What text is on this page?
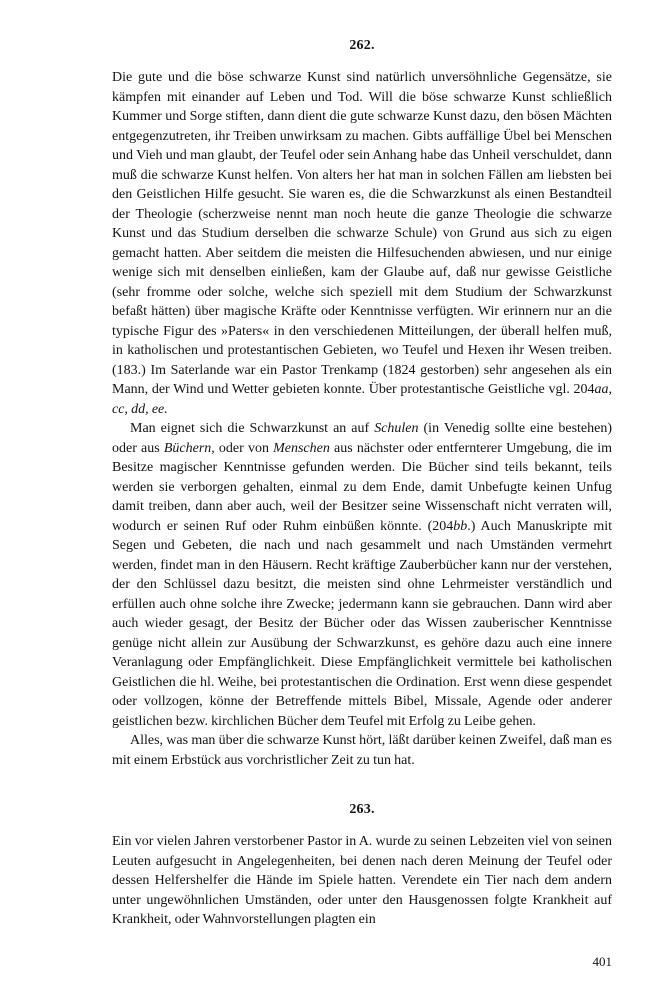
262.

Die gute und die böse schwarze Kunst sind natürlich unversöhnliche Gegensätze, sie kämpfen mit einander auf Leben und Tod. Will die böse schwarze Kunst schließlich Kummer und Sorge stiften, dann dient die gute schwarze Kunst dazu, den bösen Mächten entgegenzutreten, ihr Treiben unwirksam zu machen. Gibts auffällige Übel bei Menschen und Vieh und man glaubt, der Teufel oder sein Anhang habe das Unheil verschuldet, dann muß die schwarze Kunst helfen. Von alters her hat man in solchen Fällen am liebsten bei den Geistlichen Hilfe gesucht. Sie waren es, die die Schwarzkunst als einen Bestandteil der Theologie (scherzweise nennt man noch heute die ganze Theologie die schwarze Kunst und das Studium derselben die schwarze Schule) von Grund aus sich zu eigen gemacht hatten. Aber seitdem die meisten die Hilfesuchenden abwiesen, und nur einige wenige sich mit denselben einließen, kam der Glaube auf, daß nur gewisse Geistliche (sehr fromme oder solche, welche sich speziell mit dem Studium der Schwarzkunst befaßt hätten) über magische Kräfte oder Kenntnisse verfügten. Wir erinnern nur an die typische Figur des »Paters« in den verschiedenen Mitteilungen, der überall helfen muß, in katholischen und protestantischen Gebieten, wo Teufel und Hexen ihr Wesen treiben. (183.) Im Saterlande war ein Pastor Trenkamp (1824 gestorben) sehr angesehen als ein Mann, der Wind und Wetter gebieten konnte. Über protestantische Geistliche vgl. 204aa, cc, dd, ee.

Man eignet sich die Schwarzkunst an auf Schulen (in Venedig sollte eine bestehen) oder aus Büchern, oder von Menschen aus nächster oder entfernterer Umgebung, die im Besitze magischer Kenntnisse gefunden werden. Die Bücher sind teils bekannt, teils werden sie verborgen gehalten, einmal zu dem Ende, damit Unbefugte keinen Unfug damit treiben, dann aber auch, weil der Besitzer seine Wissenschaft nicht verraten will, wodurch er seinen Ruf oder Ruhm einbüßen könnte. (204bb.) Auch Manuskripte mit Segen und Gebeten, die nach und nach gesammelt und nach Umständen vermehrt werden, findet man in den Häusern. Recht kräftige Zauberbücher kann nur der verstehen, der den Schlüssel dazu besitzt, die meisten sind ohne Lehrmeister verständlich und erfüllen auch ohne solche ihre Zwecke; jedermann kann sie gebrauchen. Dann wird aber auch wieder gesagt, der Besitz der Bücher oder das Wissen zauberischer Kenntnisse genüge nicht allein zur Ausübung der Schwarzkunst, es gehöre dazu auch eine innere Veranlagung oder Empfänglichkeit. Diese Empfänglichkeit vermittele bei katholischen Geistlichen die hl. Weihe, bei protestantischen die Ordination. Erst wenn diese gespendet oder vollzogen, könne der Betreffende mittels Bibel, Missale, Agende oder anderer geistlichen bezw. kirchlichen Bücher dem Teufel mit Erfolg zu Leibe gehen.

Alles, was man über die schwarze Kunst hört, läßt darüber keinen Zweifel, daß man es mit einem Erbstück aus vorchristlicher Zeit zu tun hat.

263.

Ein vor vielen Jahren verstorbener Pastor in A. wurde zu seinen Lebzeiten viel von seinen Leuten aufgesucht in Angelegenheiten, bei denen nach deren Meinung der Teufel oder dessen Helfershelfer die Hände im Spiele hatten. Verendete ein Tier nach dem andern unter ungewöhnlichen Umständen, oder unter den Hausgenossen folgte Krankheit auf Krankheit, oder Wahnvorstellungen plagten ein

401
